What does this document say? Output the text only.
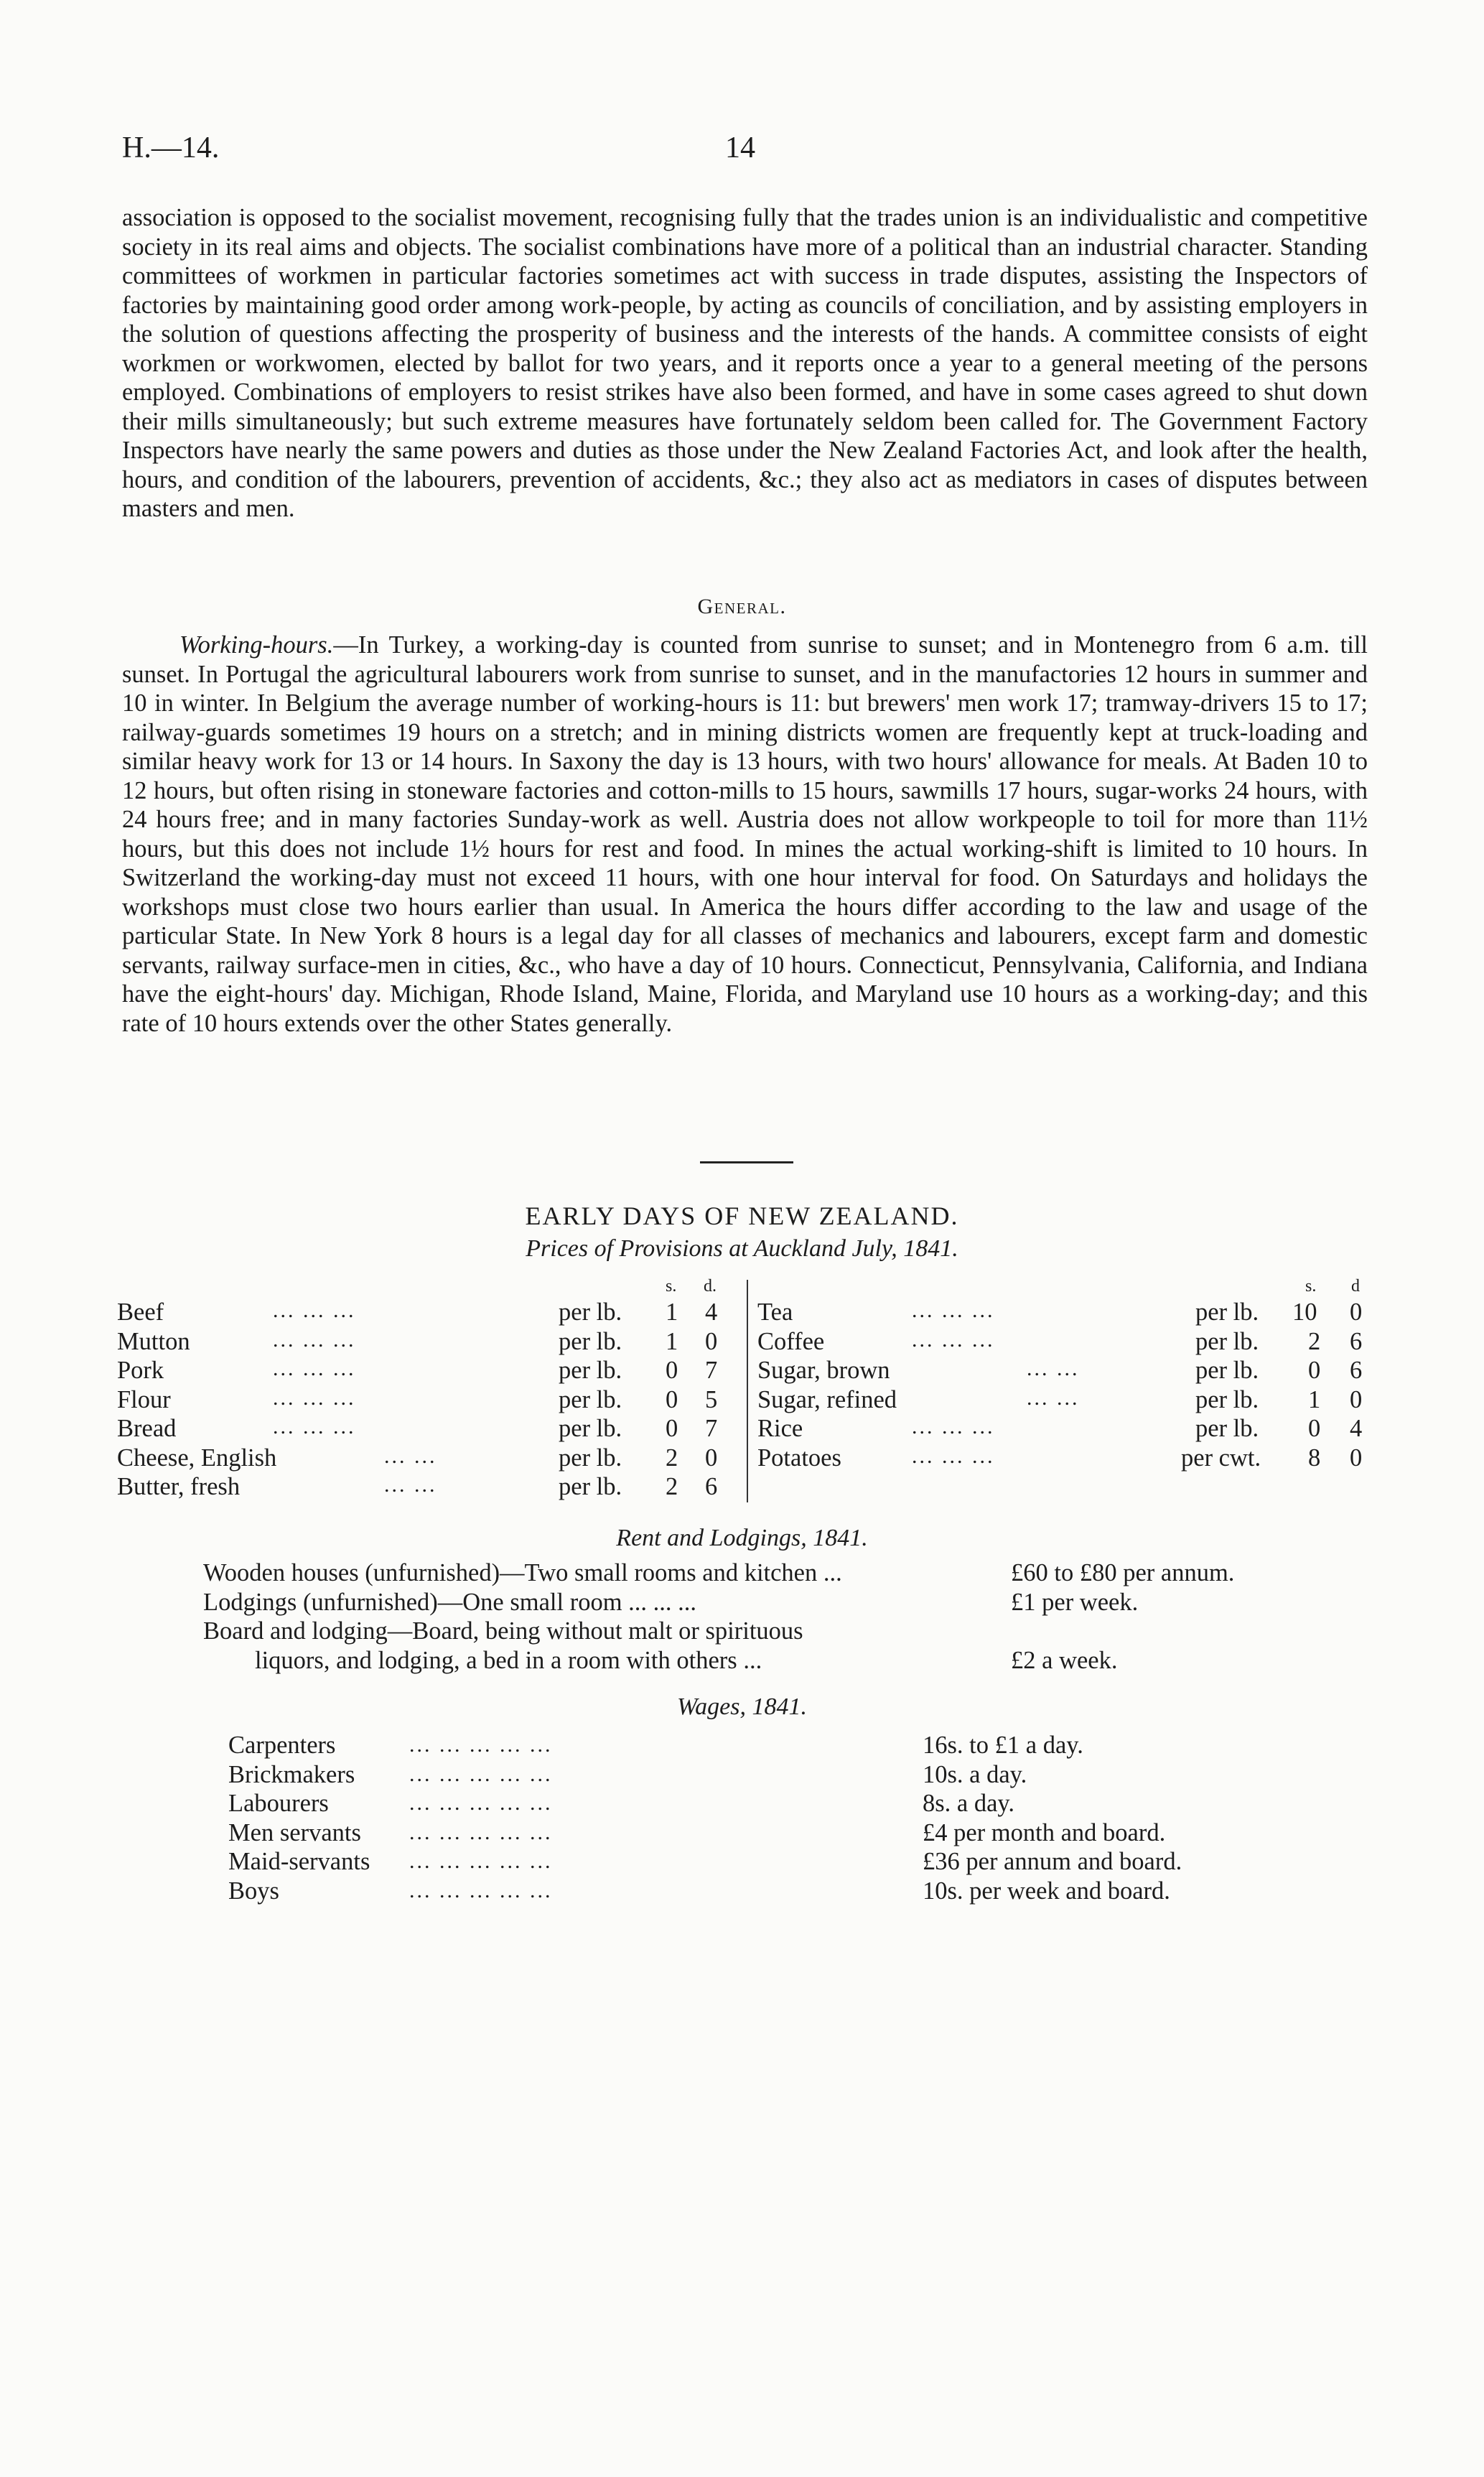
H.—14.	14

association is opposed to the socialist movement, recognising fully that the trades union is an individualistic and competitive society in its real aims and objects. The socialist combinations have more of a political than an industrial character. Standing committees of workmen in particular factories sometimes act with success in trade disputes, assisting the Inspectors of factories by maintaining good order among work-people, by acting as councils of conciliation, and by assisting employers in the solution of questions affecting the prosperity of business and the interests of the hands. A committee consists of eight workmen or workwomen, elected by ballot for two years, and it reports once a year to a general meeting of the persons employed. Combinations of employers to resist strikes have also been formed, and have in some cases agreed to shut down their mills simultaneously; but such extreme measures have fortunately seldom been called for. The Government Factory Inspectors have nearly the same powers and duties as those under the New Zealand Factories Act, and look after the health, hours, and condition of the labourers, prevention of accidents, &c.; they also act as mediators in cases of disputes between masters and men.

General.

Working-hours.—In Turkey, a working-day is counted from sunrise to sunset; and in Montenegro from 6 a.m. till sunset. In Portugal the agricultural labourers work from sunrise to sunset, and in the manufactories 12 hours in summer and 10 in winter. In Belgium the average number of working-hours is 11: but brewers' men work 17; tramway-drivers 15 to 17; railway-guards sometimes 19 hours on a stretch; and in mining districts women are frequently kept at truck-loading and similar heavy work for 13 or 14 hours. In Saxony the day is 13 hours, with two hours' allowance for meals. At Baden 10 to 12 hours, but often rising in stoneware factories and cotton-mills to 15 hours, sawmills 17 hours, sugar-works 24 hours, with 24 hours free; and in many factories Sunday-work as well. Austria does not allow workpeople to toil for more than 11½ hours, but this does not include 1½ hours for rest and food. In mines the actual working-shift is limited to 10 hours. In Switzerland the working-day must not exceed 11 hours, with one hour interval for food. On Saturdays and holidays the workshops must close two hours earlier than usual. In America the hours differ according to the law and usage of the particular State. In New York 8 hours is a legal day for all classes of mechanics and labourers, except farm and domestic servants, railway surface-men in cities, &c., who have a day of 10 hours. Connecticut, Pennsylvania, California, and Indiana have the eight-hours' day. Michigan, Rhode Island, Maine, Florida, and Maryland use 10 hours as a working-day; and this rate of 10 hours extends over the other States generally.

EARLY DAYS OF NEW ZEALAND.
Prices of Provisions at Auckland July, 1841.
s. d.	s. d
Beef	... ... ...	per lb. 1 4
Mutton	... ... ...	per lb. 1 0
Pork	... ... ...	per lb. 0 7
Flour	... ... ...	per lb. 0 5
Bread	... ... ...	per lb. 0 7
Cheese, English	... ...	per lb. 2 0
Butter, fresh	... ...	per lb. 2 6
Tea	... ... ...	per lb. 10 0
Coffee	... ... ...	per lb. 2 6
Sugar, brown	... ...	per lb. 0 6
Sugar, refined	... ...	per lb. 1 0
Rice	... ... ...	per lb. 0 4
Potatoes	... ... ...	per cwt. 8 0
Rent and Lodgings, 1841.
Wooden houses (unfurnished)—Two small rooms and kitchen ...	£60 to £80 per annum.
Lodgings (unfurnished)—One small room ... ... ...	£1 per week.
Board and lodging—Board, being without malt or spirituous
liquors, and lodging, a bed in a room with others ...	£2 a week.
Wages, 1841.
Carpenters	... ... ... ... ...	16s. to £1 a day.
Brickmakers	... ... ... ... ...	10s. a day.
Labourers	... ... ... ... ...	8s. a day.
Men servants ... ... ... ... ...	£4 per month and board.
Maid-servants ... ... ... ... ...	£36 per annum and board.
Boys	... ... ... ... ...	10s. per week and board.
